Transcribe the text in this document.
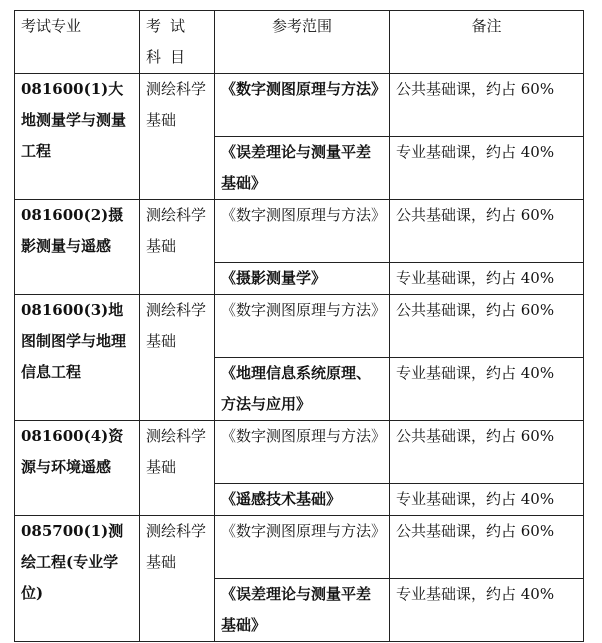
考试专业	考试科目	参考范围	备注
081600(1)大地测量学与测量工程	测绘科学基础	《数字测图原理与方法》	公共基础课，约占 60%
		《误差理论与测量平差基础》	专业基础课，约占 40%
081600(2)摄影测量与遥感	测绘科学基础	《数字测图原理与方法》	公共基础课，约占 60%
		《摄影测量学》	专业基础课，约占 40%
081600(3)地图制图学与地理信息工程	测绘科学基础	《数字测图原理与方法》	公共基础课，约占 60%
		《地理信息系统原理、方法与应用》	专业基础课，约占 40%
081600(4)资源与环境遥感	测绘科学基础	《数字测图原理与方法》	公共基础课，约占 60%
		《遥感技术基础》	专业基础课，约占 40%
085700(1)测绘工程(专业学位)	测绘科学基础	《数字测图原理与方法》	公共基础课，约占 60%
		《误差理论与测量平差基础》	专业基础课，约占 40%
